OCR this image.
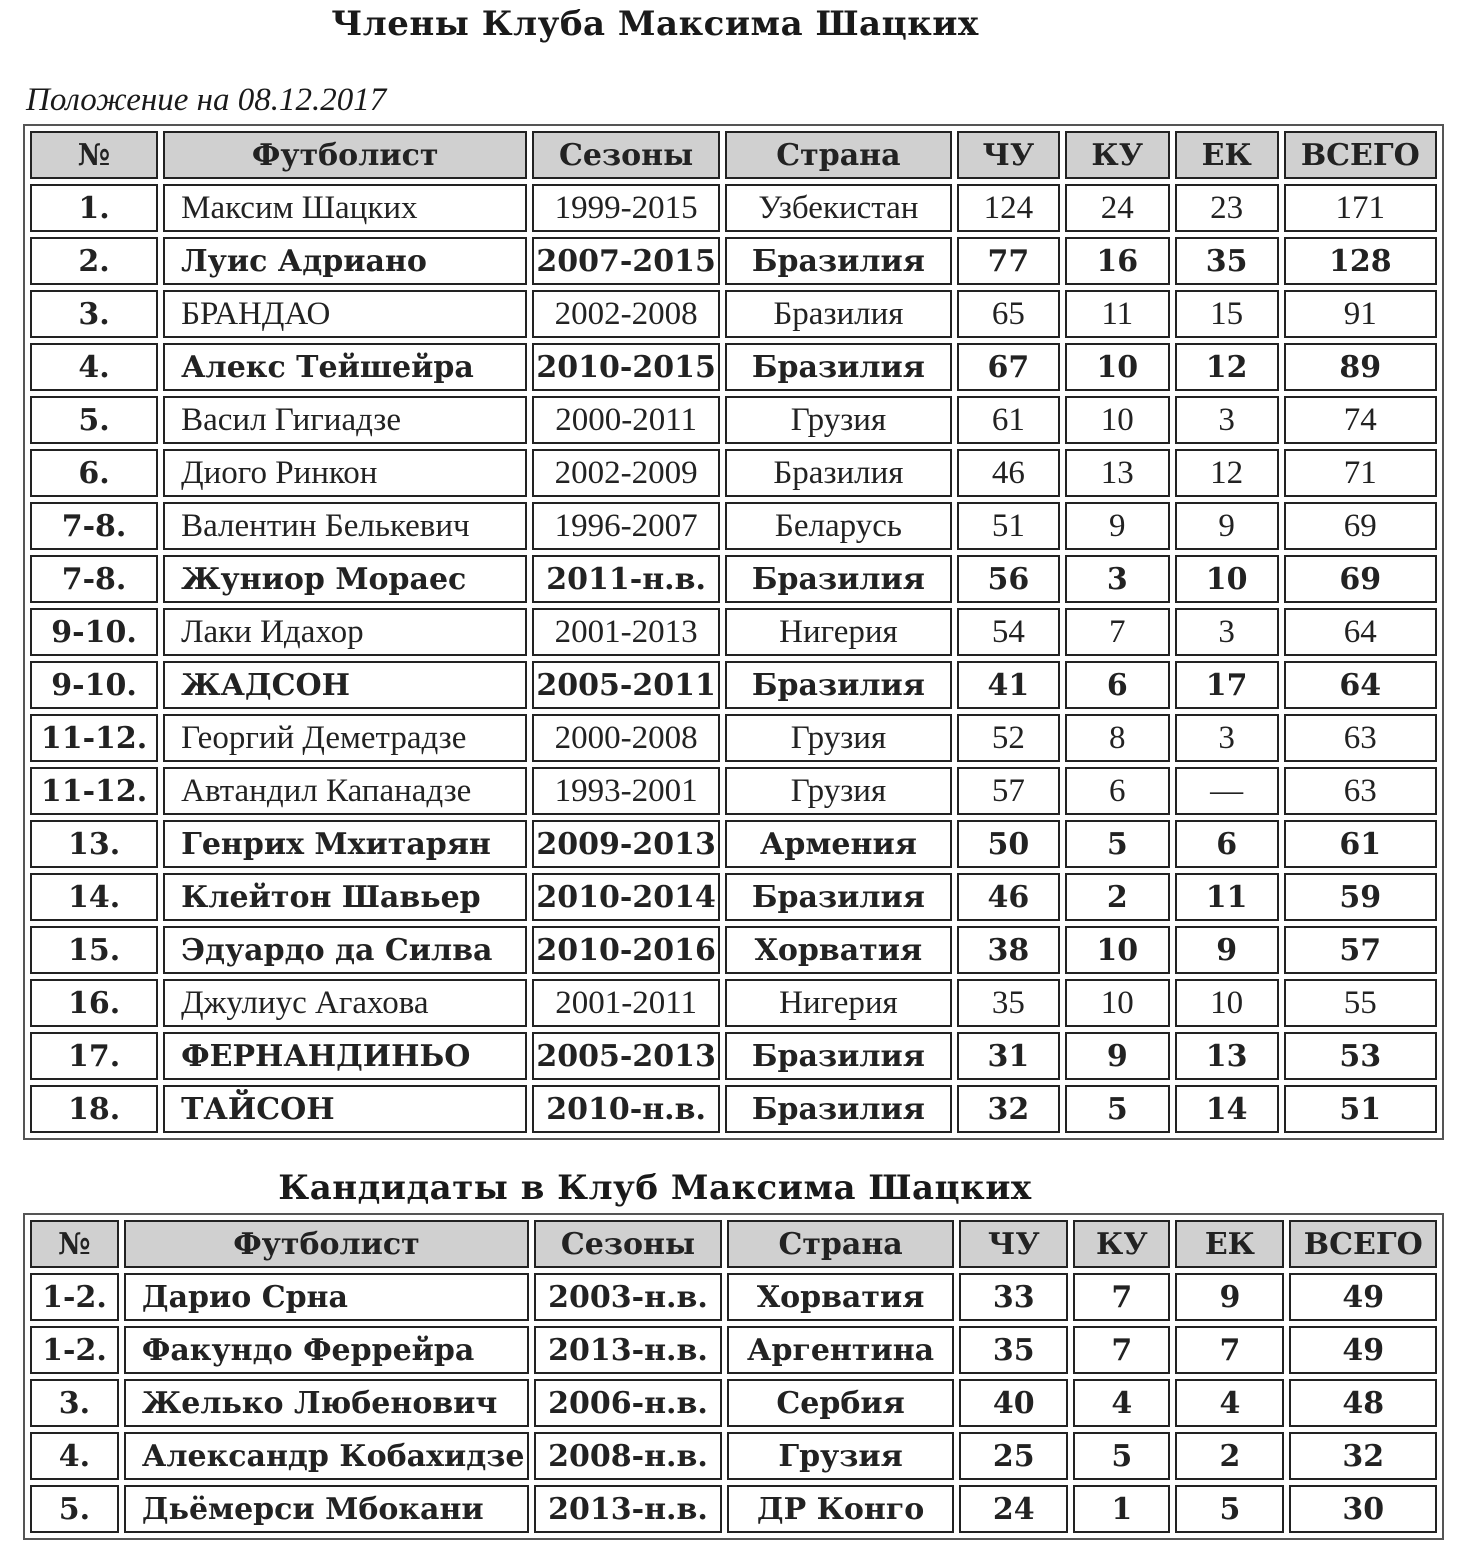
Члены Клуба Максима Шацких
Положение на 08.12.2017
№	Футболист	Сезоны	Страна	ЧУ	КУ	ЕК	ВСЕГО
1.	Максим Шацких	1999-2015	Узбекистан	124	24	23	171
2.	Луис Адриано	2007-2015	Бразилия	77	16	35	128
3.	БРАНДАО	2002-2008	Бразилия	65	11	15	91
4.	Алекс Тейшейра	2010-2015	Бразилия	67	10	12	89
5.	Васил Гигиадзе	2000-2011	Грузия	61	10	3	74
6.	Диого Ринкон	2002-2009	Бразилия	46	13	12	71
7-8.	Валентин Белькевич	1996-2007	Беларусь	51	9	9	69
7-8.	Жуниор Мораес	2011-н.в.	Бразилия	56	3	10	69
9-10.	Лаки Идахор	2001-2013	Нигерия	54	7	3	64
9-10.	ЖАДСОН	2005-2011	Бразилия	41	6	17	64
11-12.	Георгий Деметрадзе	2000-2008	Грузия	52	8	3	63
11-12.	Автандил Капанадзе	1993-2001	Грузия	57	6	—	63
13.	Генрих Мхитарян	2009-2013	Армения	50	5	6	61
14.	Клейтон Шавьер	2010-2014	Бразилия	46	2	11	59
15.	Эдуардо да Силва	2010-2016	Хорватия	38	10	9	57
16.	Джулиус Агахова	2001-2011	Нигерия	35	10	10	55
17.	ФЕРНАНДИНЬО	2005-2013	Бразилия	31	9	13	53
18.	ТАЙСОН	2010-н.в.	Бразилия	32	5	14	51
Кандидаты в Клуб Максима Шацких
№	Футболист	Сезоны	Страна	ЧУ	КУ	ЕК	ВСЕГО
1-2.	Дарио Срна	2003-н.в.	Хорватия	33	7	9	49
1-2.	Факундо Феррейра	2013-н.в.	Аргентина	35	7	7	49
3.	Желько Любенович	2006-н.в.	Сербия	40	4	4	48
4.	Александр Кобахидзе	2008-н.в.	Грузия	25	5	2	32
5.	Дьёмерси Мбокани	2013-н.в.	ДР Конго	24	1	5	30
